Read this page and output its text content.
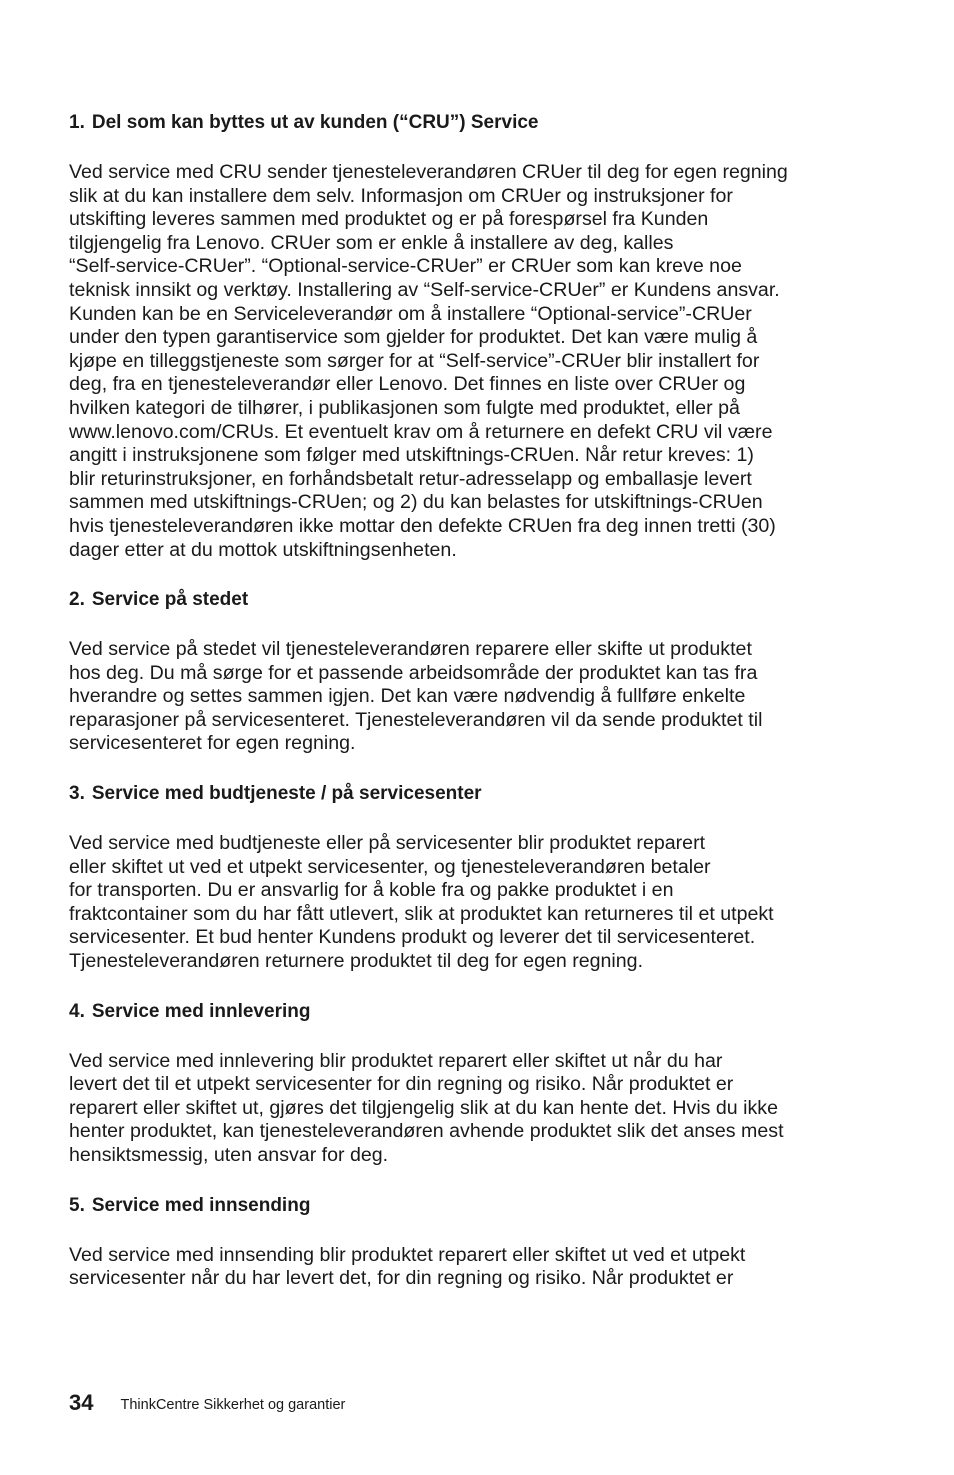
1. Del som kan byttes ut av kunden (“CRU”) Service
Ved service med CRU sender tjenesteleverandøren CRUer til deg for egen regning
slik at du kan installere dem selv. Informasjon om CRUer og instruksjoner for
utskifting leveres sammen med produktet og er på forespørsel fra Kunden
tilgjengelig fra Lenovo. CRUer som er enkle å installere av deg, kalles
“Self-service-CRUer”. “Optional-service-CRUer” er CRUer som kan kreve noe
teknisk innsikt og verktøy. Installering av “Self-service-CRUer” er Kundens ansvar.
Kunden kan be en Serviceleverandør om å installere “Optional-service”-CRUer
under den typen garantiservice som gjelder for produktet. Det kan være mulig å
kjøpe en tilleggstjeneste som sørger for at “Self-service”-CRUer blir installert for
deg, fra en tjenesteleverandør eller Lenovo. Det finnes en liste over CRUer og
hvilken kategori de tilhører, i publikasjonen som fulgte med produktet, eller på
www.lenovo.com/CRUs. Et eventuelt krav om å returnere en defekt CRU vil være
angitt i instruksjonene som følger med utskiftnings-CRUen. Når retur kreves: 1)
blir returinstruksjoner, en forhåndsbetalt retur-adresselapp og emballasje levert
sammen med utskiftnings-CRUen; og 2) du kan belastes for utskiftnings-CRUen
hvis tjenesteleverandøren ikke mottar den defekte CRUen fra deg innen tretti (30)
dager etter at du mottok utskiftningsenheten.
2. Service på stedet
Ved service på stedet vil tjenesteleverandøren reparere eller skifte ut produktet
hos deg. Du må sørge for et passende arbeidsområde der produktet kan tas fra
hverandre og settes sammen igjen. Det kan være nødvendig å fullføre enkelte
reparasjoner på servicesenteret. Tjenesteleverandøren vil da sende produktet til
servicesenteret for egen regning.
3. Service med budtjeneste / på servicesenter
Ved service med budtjeneste eller på servicesenter blir produktet reparert
eller skiftet ut ved et utpekt servicesenter, og tjenesteleverandøren betaler
for transporten. Du er ansvarlig for å koble fra og pakke produktet i en
fraktcontainer som du har fått utlevert, slik at produktet kan returneres til et utpekt
servicesenter. Et bud henter Kundens produkt og leverer det til servicesenteret.
Tjenesteleverandøren returnere produktet til deg for egen regning.
4. Service med innlevering
Ved service med innlevering blir produktet reparert eller skiftet ut når du har
levert det til et utpekt servicesenter for din regning og risiko. Når produktet er
reparert eller skiftet ut, gjøres det tilgjengelig slik at du kan hente det. Hvis du ikke
henter produktet, kan tjenesteleverandøren avhende produktet slik det anses mest
hensiktsmessig, uten ansvar for deg.
5. Service med innsending
Ved service med innsending blir produktet reparert eller skiftet ut ved et utpekt
servicesenter når du har levert det, for din regning og risiko. Når produktet er
34 ThinkCentre Sikkerhet og garantier
